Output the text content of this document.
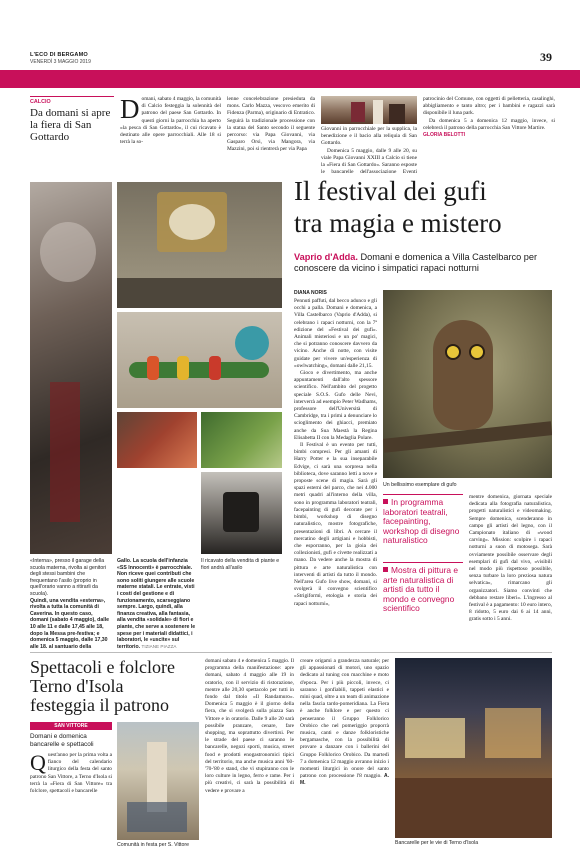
L'ECO DI BERGAMO
VENERDÌ 3 MAGGIO 2019	39
CALCIO
Da domani si apre la fiera di San Gottardo
Domani, sabato 4 maggio, la comunità di Calcio festeggia la solennità del patrono del paese San Gottardo. In questi giorni la parrocchia ha aperto «la pesca di San Gottardo», il cui ricavato è destinato alle opere parrocchiali. Alle 18 si terrà la so-
lenne concelebrazione presieduta da mons. Carlo Mazza, vescovo emerito di Fidenza (Parma), originario di Entratico. Seguirà la tradizionale processione con la statua del Santo secondo il seguente percorso: via Papa Giovanni, via Gasparo Orsi, via Mangora, via Mazzini, poi si rientrerà per via Papa

Giovanni in parrocchiale per la supplica, la benedizione e il bacio alla reliquia di San Gottardo.

Domenica 5 maggio, dalle 9 alle 20, su viale Papa Giovanni XXIII a Calcio si tiene la «Fiera di San Gottardo». Saranno esposte le bancarelle dell'associazione Eventi

patrocinio del Comune, con oggetti di pelletteria, casalinghi, abbigliamento e tanto altro; per i bambini e ragazzi sarà disponibile il luna park.

Da domenica 5 a domenica 12 maggio, invece, si celebrerà il patrono della parrocchia San Vittore Martire.

GLORIA BELOTTI
«Interna», presso il garage della scuola materna, rivolta ai genitori degli stessi bambini che frequentano l'asilo (proprio in quell'orario vanno a ritirarli da scuola).
Quindi, una vendita «esterna», rivolta a tutta la comunità di Caverina. In questo caso, domani (sabato 4 maggio), dalle 10 alle 11 e dalle 17,45 alle 18, dopo la Messa pre-festiva; e domenica 5 maggio, dalle 17,30 alle 18, al santuario della
Gallo. La scuola dell'infanzia «SS Innocenti» è parrocchiale. Non riceve quei contributi che sono soliti giungere alle scuole materne statali. Le entrate, visti i costi del gestione e di funzionamento, scarseggiano sempre. Largo, quindi, alla finanza creativa, alla fantasia, alla vendita «solidale» di fiori e piante, che serve a sostenere le spese per i materiali didattici, i laboratori, le «uscite» sul territorio. TIZIANE PIAZZA
Il ricavato della vendita di piante e fiori andrà all'asilo
Il festival dei gufi
tra magia e mistero
Vaprio d'Adda. Domani e domenica a Villa Castelbarco per conoscere da vicino i simpatici rapaci notturni
DIANA NORIS

Pennuti paffuti, dal becco adunco e gli occhi a palla. Domani e domenica, a Villa Castelbarco (Vaprio d'Adda), si celebrano i rapaci notturni, con la 7ª edizione del «Festival dei gufi». Animali misteriosi e un po' magici, che si potranno conoscere davvero da vicino. Anche di notte, con visite guidate per vivere un'esperienza di «owlwatching», domani dalle 21,15.

Gioco e divertimento, ma anche appuntamenti dall'alto spessore scientifico. Nell'ambito del progetto speciale S.O.S. Gufo delle Nevi, interverrà ad esempio Peter Wadhams, professore dell'Università di Cambridge, tra i primi a denunciare lo scioglimento dei ghiacci, premiato anche da Sua Maestà la Regina Elisabetta II con la Medaglia Polare.

Il Festival è un evento per tutti, bimbi compresi. Per gli amanti di Harry Potter e la sua inseparabile Edvige, ci sarà una sorpresa nella biblioteca, dove saranno letti a nove e proposte scene di magia. Sarà gli spazi esterni del parco, che nei 4.000 metri quadri all'interno della villa, sono in programma laboratori teatrali, facepainting di gufi decorate per i bimbi, workshop di disegno naturalistico, mostre fotografiche, presentazioni di libri. A cercare il mercatino degli artigiani e hobbisti, che esporranno, per la gioia dei collezionisti, gufi e civette realizzati a mano. Da vedere anche la mostra di pittura e arte naturalistica con interventi di artisti da tutto il mondo. Nell'area Gufo live show, domani, si svolgerà il convegno scientifico «Strigiformi, etologia e storia dei rapaci notturni»,

Un bellissimo esemplare di gufo
In programma laboratori teatrali, facepainting, workshop di disegno naturalistico
Mostra di pittura e arte naturalistica di artisti da tutto il mondo e convegno scientifico
mentre domenica, giornata speciale dedicata alla fotografia naturalistica, progetti naturalistici e videomaking. Sempre domenica, scenderanno in campo gli artisti del legno, con il Campionato italiano di «wood carving». Mission: scolpire i rapaci notturni a suon di motosega. Sarà ovviamente possibile osservare degli esemplari di gufi dal vivo, «visibili nel modo più rispettoso possibile, senza turbare la loro preziosa natura selvatica», rimarcano gli organizzatori. Siamo convinti che debbano restare liberi». L'ingresso al festival è a pagamento: 10 euro intero, 8 ridotto, 5 euro dai 6 ai 14 anni, gratis sotto i 5 anni.
Spettacoli e folclore
Terno d'Isola
festeggia il patrono
SAN VITTORE
Domani e domenica bancarelle e spettacoli
Quest'anno per la prima volta a fianco del calendario liturgico della festa del santo patrono San Vittore, a Terno d'Isola si terrà la «Fiera di San Vittore» tra folclore, spettacoli e bancarelle
Comunità in festa per S. Vittore
domani sabato 4 e domenica 5 maggio. Il programma della manifestazione: apre domani, sabato 4 maggio alle 19 in oratorio, con il servizio di ristorazione, mentre alle 20,30 spettacolo per tutti in fondo dal titolo «Il Randamuro». Domenica 5 maggio è il giorno della fiera, che si svolgerà sulla piazza San Vittore e in oratorio. Dalle 9 alle 20 sarà possibile pranzare, cenare, fare shopping, ma soprattutto divertirsi. Per le strade del paese ci saranno le bancarelle, negozi sporti, musica, street food e prodotti enogastronomici tipici del territorio, ma anche musica anni '60-'70-'80 e stand, che vi stupiranno con le loro culture in legno, ferro e rame. Per i più creativi, ci sarà la possibilità di vedere e provare a
creare origami a grandezza naturale; per gli appassionati di motori, uno spazio dedicato al tuning con macchine e moto d'epoca. Per i più piccoli, invece, ci saranno i gonfiabili, tappeti elastici e mini quad, oltre a un team di animazione nella fascia tardo-pomeridiana. La Fiera è anche folklore e per questo ci penseranno il Gruppo Folklorico Orobico che nel pomeriggio proporrà musica, canti e danze folkloristiche bergamasche, con la possibilità di provare a danzare con i ballerini del Gruppo Folklorico Orobico. Da martedì 7 a domenica 12 maggio avranno inizio i momenti liturgici in onore del santo patrono con processione l'8 maggio. A. M.
Bancarelle per le vie di Terno d'Isola
